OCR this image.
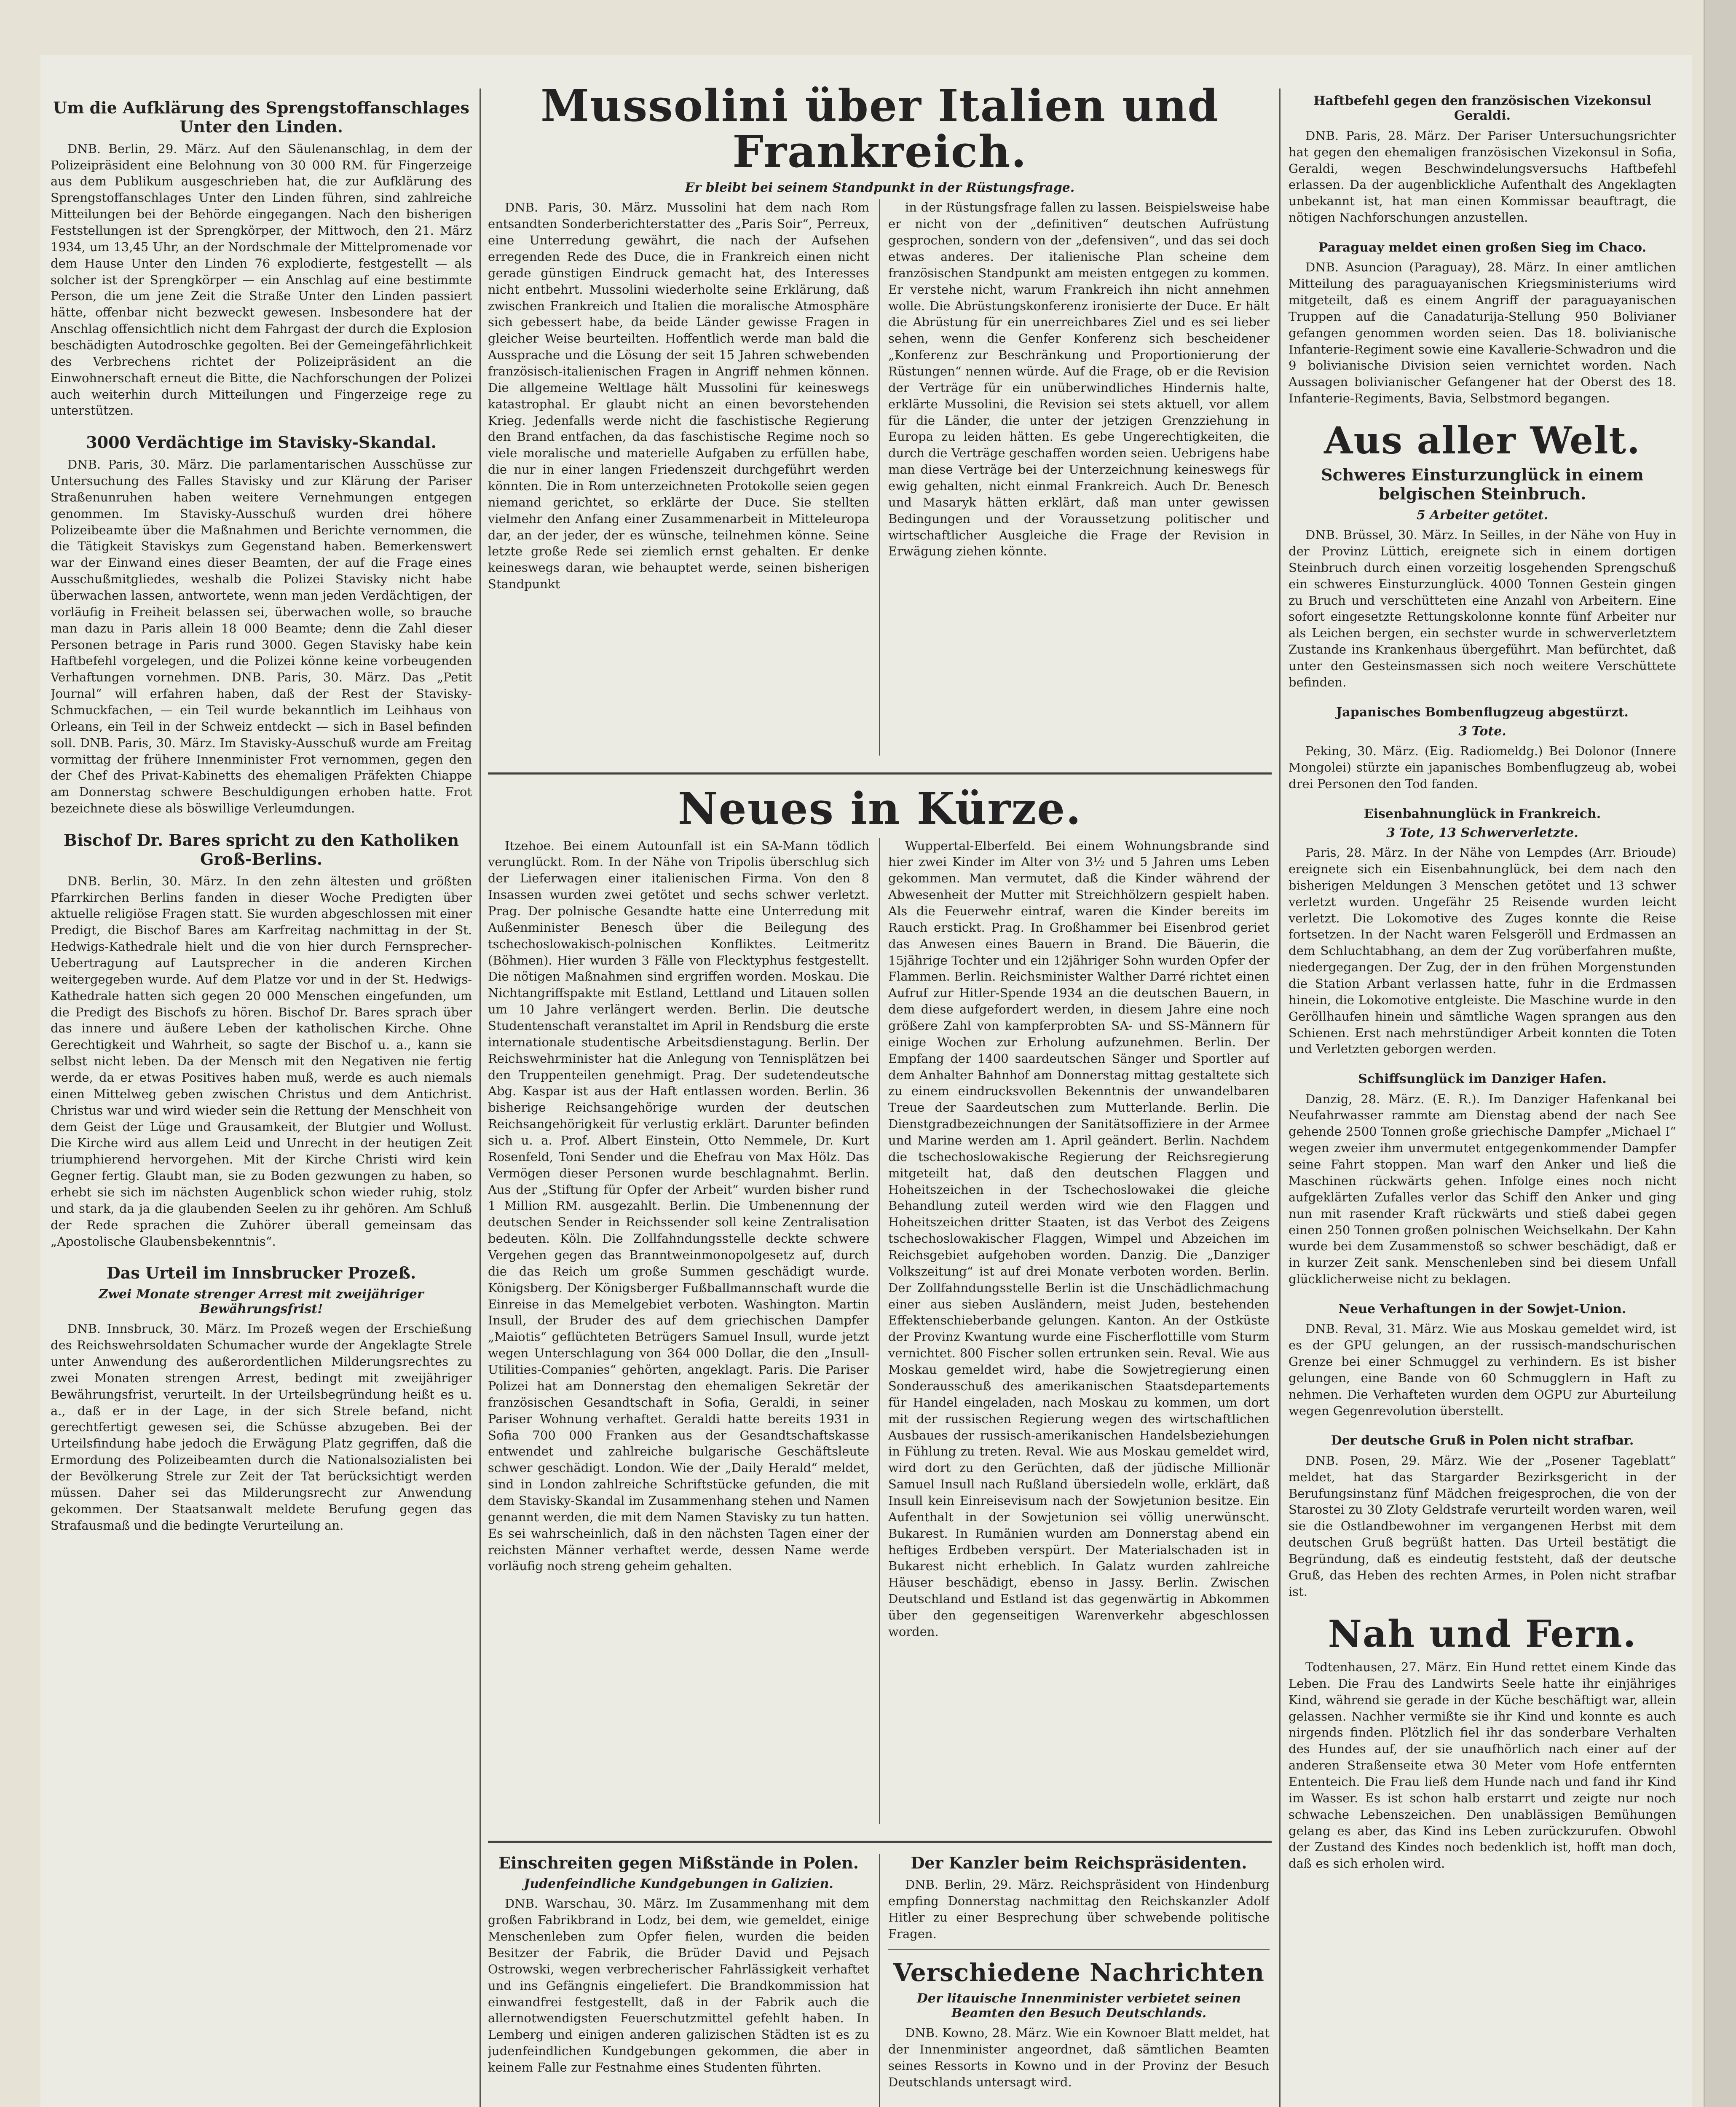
Um die Aufklärung des Sprengstoffanschlages Unter den Linden.

DNB. Berlin, 29. März. Auf den Säulenanschlag, in dem der Polizeipräsident eine Belohnung von 30 000 RM. für Fingerzeige aus dem Publikum ausgeschrieben hat, die zur Aufklärung des Sprengstoffanschlages Unter den Linden führen, sind zahlreiche Mitteilungen bei der Behörde eingegangen. Nach den bisherigen Feststellungen ist der Sprengkörper, der Mittwoch, den 21. März 1934, um 13,45 Uhr, an der Nordschmale der Mittelpromenade vor dem Hause Unter den Linden 76 explodierte, festgestellt — als solcher ist der Sprengkörper — ein Anschlag auf eine bestimmte Person, die um jene Zeit die Straße Unter den Linden passiert hätte, offenbar nicht bezweckt gewesen. Insbesondere hat der Anschlag offensichtlich nicht dem Fahrgast der durch die Explosion beschädigten Autodroschke gegolten. Bei der Gemeingefährlichkeit des Verbrechens richtet der Polizeipräsident an die Einwohnerschaft erneut die Bitte, die Nachforschungen der Polizei auch weiterhin durch Mitteilungen und Fingerzeige rege zu unterstützen.

3000 Verdächtige im Stavisky-Skandal.

DNB. Paris, 30. März. Die parlamentarischen Ausschüsse zur Untersuchung des Falles Stavisky und zur Klärung der Pariser Straßenunruhen haben weitere Vernehmungen entgegen genommen. Im Stavisky-Ausschuß wurden drei höhere Polizeibeamte über die Maßnahmen und Berichte vernommen, die die Tätigkeit Staviskys zum Gegenstand haben. Bemerkenswert war der Einwand eines dieser Beamten, der auf die Frage eines Ausschußmitgliedes, weshalb die Polizei Stavisky nicht habe überwachen lassen, antwortete, wenn man jeden Verdächtigen, der vorläufig in Freiheit belassen sei, überwachen wolle, so brauche man dazu in Paris allein 18 000 Beamte; denn die Zahl dieser Personen betrage in Paris rund 3000. Gegen Stavisky habe kein Haftbefehl vorgelegen, und die Polizei könne keine vorbeugenden Verhaftungen vornehmen. DNB. Paris, 30. März. Das „Petit Journal“ will erfahren haben, daß der Rest der Stavisky-Schmuckfachen, — ein Teil wurde bekanntlich im Leihhaus von Orleans, ein Teil in der Schweiz entdeckt — sich in Basel befinden soll. DNB. Paris, 30. März. Im Stavisky-Ausschuß wurde am Freitag vormittag der frühere Innenminister Frot vernommen, gegen den der Chef des Privat-Kabinetts des ehemaligen Präfekten Chiappe am Donnerstag schwere Beschuldigungen erhoben hatte. Frot bezeichnete diese als böswillige Verleumdungen.

Bischof Dr. Bares spricht zu den Katholiken Groß-Berlins.

DNB. Berlin, 30. März. In den zehn ältesten und größten Pfarrkirchen Berlins fanden in dieser Woche Predigten über aktuelle religiöse Fragen statt. Sie wurden abgeschlossen mit einer Predigt, die Bischof Bares am Karfreitag nachmittag in der St. Hedwigs-Kathedrale hielt und die von hier durch Fernsprecher-Uebertragung auf Lautsprecher in die anderen Kirchen weitergegeben wurde. Auf dem Platze vor und in der St. Hedwigs-Kathedrale hatten sich gegen 20 000 Menschen eingefunden, um die Predigt des Bischofs zu hören. Bischof Dr. Bares sprach über das innere und äußere Leben der katholischen Kirche. Ohne Gerechtigkeit und Wahrheit, so sagte der Bischof u. a., kann sie selbst nicht leben. Da der Mensch mit den Negativen nie fertig werde, da er etwas Positives haben muß, werde es auch niemals einen Mittelweg geben zwischen Christus und dem Antichrist. Christus war und wird wieder sein die Rettung der Menschheit von dem Geist der Lüge und Grausamkeit, der Blutgier und Wollust. Die Kirche wird aus allem Leid und Unrecht in der heutigen Zeit triumphierend hervorgehen. Mit der Kirche Christi wird kein Gegner fertig. Glaubt man, sie zu Boden gezwungen zu haben, so erhebt sie sich im nächsten Augenblick schon wieder ruhig, stolz und stark, da ja die glaubenden Seelen zu ihr gehören. Am Schluß der Rede sprachen die Zuhörer überall gemeinsam das „Apostolische Glaubensbekenntnis“.

Das Urteil im Innsbrucker Prozeß.
Zwei Monate strenger Arrest mit zweijähriger Bewährungsfrist!

DNB. Innsbruck, 30. März. Im Prozeß wegen der Erschießung des Reichswehrsoldaten Schumacher wurde der Angeklagte Strele unter Anwendung des außerordentlichen Milderungsrechtes zu zwei Monaten strengen Arrest, bedingt mit zweijähriger Bewährungsfrist, verurteilt. In der Urteilsbegründung heißt es u. a., daß er in der Lage, in der sich Strele befand, nicht gerechtfertigt gewesen sei, die Schüsse abzugeben. Bei der Urteilsfindung habe jedoch die Erwägung Platz gegriffen, daß die Ermordung des Polizeibeamten durch die Nationalsozialisten bei der Bevölkerung Strele zur Zeit der Tat berücksichtigt werden müssen. Daher sei das Milderungsrecht zur Anwendung gekommen. Der Staatsanwalt meldete Berufung gegen das Strafausmaß und die bedingte Verurteilung an.

Mussolini über Italien und Frankreich.
Er bleibt bei seinem Standpunkt in der Rüstungsfrage.

DNB. Paris, 30. März. Mussolini hat dem nach Rom entsandten Sonderberichterstatter des „Paris Soir“, Perreux, eine Unterredung gewährt, die nach der Aufsehen erregenden Rede des Duce, die in Frankreich einen nicht gerade günstigen Eindruck gemacht hat, des Interesses nicht entbehrt. Mussolini wiederholte seine Erklärung, daß zwischen Frankreich und Italien die moralische Atmosphäre sich gebessert habe, da beide Länder gewisse Fragen in gleicher Weise beurteilten. Hoffentlich werde man bald die Aussprache und die Lösung der seit 15 Jahren schwebenden französisch-italienischen Fragen in Angriff nehmen können. Die allgemeine Weltlage hält Mussolini für keineswegs katastrophal. Er glaubt nicht an einen bevorstehenden Krieg. Jedenfalls werde nicht die faschistische Regierung den Brand entfachen, da das faschistische Regime noch so viele moralische und materielle Aufgaben zu erfüllen habe, die nur in einer langen Friedenszeit durchgeführt werden könnten. Die in Rom unterzeichneten Protokolle seien gegen niemand gerichtet, so erklärte der Duce. Sie stellten vielmehr den Anfang einer Zusammenarbeit in Mitteleuropa dar, an der jeder, der es wünsche, teilnehmen könne. Seine letzte große Rede sei ziemlich ernst gehalten. Er denke keineswegs daran, wie behauptet werde, seinen bisherigen Standpunkt

in der Rüstungsfrage fallen zu lassen. Beispielsweise habe er nicht von der „definitiven“ deutschen Aufrüstung gesprochen, sondern von der „defensiven“, und das sei doch etwas anderes. Der italienische Plan scheine dem französischen Standpunkt am meisten entgegen zu kommen. Er verstehe nicht, warum Frankreich ihn nicht annehmen wolle. Die Abrüstungskonferenz ironisierte der Duce. Er hält die Abrüstung für ein unerreichbares Ziel und es sei lieber sehen, wenn die Genfer Konferenz sich bescheidener „Konferenz zur Beschränkung und Proportionierung der Rüstungen“ nennen würde. Auf die Frage, ob er die Revision der Verträge für ein unüberwindliches Hindernis halte, erklärte Mussolini, die Revision sei stets aktuell, vor allem für die Länder, die unter der jetzigen Grenzziehung in Europa zu leiden hätten. Es gebe Ungerechtigkeiten, die durch die Verträge geschaffen worden seien. Uebrigens habe man diese Verträge bei der Unterzeichnung keineswegs für ewig gehalten, nicht einmal Frankreich. Auch Dr. Benesch und Masaryk hätten erklärt, daß man unter gewissen Bedingungen und der Voraussetzung politischer und wirtschaftlicher Ausgleiche die Frage der Revision in Erwägung ziehen könnte.

Neues in Kürze.

Itzehoe. Bei einem Autounfall ist ein SA-Mann tödlich verunglückt. Rom. In der Nähe von Tripolis überschlug sich der Lieferwagen einer italienischen Firma. Von den 8 Insassen wurden zwei getötet und sechs schwer verletzt. Prag. Der polnische Gesandte hatte eine Unterredung mit Außenminister Benesch über die Beilegung des tschechoslowakisch-polnischen Konfliktes. Leitmeritz (Böhmen). Hier wurden 3 Fälle von Flecktyphus festgestellt. Die nötigen Maßnahmen sind ergriffen worden. Moskau. Die Nichtangriffspakte mit Estland, Lettland und Litauen sollen um 10 Jahre verlängert werden. Berlin. Die deutsche Studentenschaft veranstaltet im April in Rendsburg die erste internationale studentische Arbeitsdienstagung. Berlin. Der Reichswehrminister hat die Anlegung von Tennisplätzen bei den Truppenteilen genehmigt. Prag. Der sudetendeutsche Abg. Kaspar ist aus der Haft entlassen worden. Berlin. 36 bisherige Reichsangehörige wurden der deutschen Reichsangehörigkeit für verlustig erklärt. Darunter befinden sich u. a. Prof. Albert Einstein, Otto Nemmele, Dr. Kurt Rosenfeld, Toni Sender und die Ehefrau von Max Hölz. Das Vermögen dieser Personen wurde beschlagnahmt. Berlin. Aus der „Stiftung für Opfer der Arbeit“ wurden bisher rund 1 Million RM. ausgezahlt. Berlin. Die Umbenennung der deutschen Sender in Reichssender soll keine Zentralisation bedeuten. Köln. Die Zollfahndungsstelle deckte schwere Vergehen gegen das Branntweinmonopolgesetz auf, durch die das Reich um große Summen geschädigt wurde. Königsberg. Der Königsberger Fußballmannschaft wurde die Einreise in das Memelgebiet verboten. Washington. Martin Insull, der Bruder des auf dem griechischen Dampfer „Maiotis“ geflüchteten Betrügers Samuel Insull, wurde jetzt wegen Unterschlagung von 364 000 Dollar, die den „Insull-Utilities-Companies“ gehörten, angeklagt. Paris. Die Pariser Polizei hat am Donnerstag den ehemaligen Sekretär der französischen Gesandtschaft in Sofia, Geraldi, in seiner Pariser Wohnung verhaftet. Geraldi hatte bereits 1931 in Sofia 700 000 Franken aus der Gesandtschaftskasse entwendet und zahlreiche bulgarische Geschäftsleute schwer geschädigt. London. Wie der „Daily Herald“ meldet, sind in London zahlreiche Schriftstücke gefunden, die mit dem Stavisky-Skandal im Zusammenhang stehen und Namen genannt werden, die mit dem Namen Stavisky zu tun hatten. Es sei wahrscheinlich, daß in den nächsten Tagen einer der reichsten Männer verhaftet werde, dessen Name werde vorläufig noch streng geheim gehalten.

Wuppertal-Elberfeld. Bei einem Wohnungsbrande sind hier zwei Kinder im Alter von 3½ und 5 Jahren ums Leben gekommen. Man vermutet, daß die Kinder während der Abwesenheit der Mutter mit Streichhölzern gespielt haben. Als die Feuerwehr eintraf, waren die Kinder bereits im Rauch erstickt. Prag. In Großhammer bei Eisenbrod geriet das Anwesen eines Bauern in Brand. Die Bäuerin, die 15jährige Tochter und ein 12jähriger Sohn wurden Opfer der Flammen. Berlin. Reichsminister Walther Darré richtet einen Aufruf zur Hitler-Spende 1934 an die deutschen Bauern, in dem diese aufgefordert werden, in diesem Jahre eine noch größere Zahl von kampferprobten SA- und SS-Männern für einige Wochen zur Erholung aufzunehmen. Berlin. Der Empfang der 1400 saardeutschen Sänger und Sportler auf dem Anhalter Bahnhof am Donnerstag mittag gestaltete sich zu einem eindrucksvollen Bekenntnis der unwandelbaren Treue der Saardeutschen zum Mutterlande. Berlin. Die Dienstgradbezeichnungen der Sanitätsoffiziere in der Armee und Marine werden am 1. April geändert. Berlin. Nachdem die tschechoslowakische Regierung der Reichsregierung mitgeteilt hat, daß den deutschen Flaggen und Hoheitszeichen in der Tschechoslowakei die gleiche Behandlung zuteil werden wird wie den Flaggen und Hoheitszeichen dritter Staaten, ist das Verbot des Zeigens tschechoslowakischer Flaggen, Wimpel und Abzeichen im Reichsgebiet aufgehoben worden. Danzig. Die „Danziger Volkszeitung“ ist auf drei Monate verboten worden. Berlin. Der Zollfahndungsstelle Berlin ist die Unschädlichmachung einer aus sieben Ausländern, meist Juden, bestehenden Effektenschieberbande gelungen. Kanton. An der Ostküste der Provinz Kwantung wurde eine Fischerflottille vom Sturm vernichtet. 800 Fischer sollen ertrunken sein. Reval. Wie aus Moskau gemeldet wird, habe die Sowjetregierung einen Sonderausschuß des amerikanischen Staatsdepartements für Handel eingeladen, nach Moskau zu kommen, um dort mit der russischen Regierung wegen des wirtschaftlichen Ausbaues der russisch-amerikanischen Handelsbeziehungen in Fühlung zu treten. Reval. Wie aus Moskau gemeldet wird, wird dort zu den Gerüchten, daß der jüdische Millionär Samuel Insull nach Rußland übersiedeln wolle, erklärt, daß Insull kein Einreisevisum nach der Sowjetunion besitze. Ein Aufenthalt in der Sowjetunion sei völlig unerwünscht. Bukarest. In Rumänien wurden am Donnerstag abend ein heftiges Erdbeben verspürt. Der Materialschaden ist in Bukarest nicht erheblich. In Galatz wurden zahlreiche Häuser beschädigt, ebenso in Jassy. Berlin. Zwischen Deutschland und Estland ist das gegenwärtig in Abkommen über den gegenseitigen Warenverkehr abgeschlossen worden.

Einschreiten gegen Mißstände in Polen.
Judenfeindliche Kundgebungen in Galizien.

DNB. Warschau, 30. März. Im Zusammenhang mit dem großen Fabrikbrand in Lodz, bei dem, wie gemeldet, einige Menschenleben zum Opfer fielen, wurden die beiden Besitzer der Fabrik, die Brüder David und Pejsach Ostrowski, wegen verbrecherischer Fahrlässigkeit verhaftet und ins Gefängnis eingeliefert. Die Brandkommission hat einwandfrei festgestellt, daß in der Fabrik auch die allernotwendigsten Feuerschutzmittel gefehlt haben. In Lemberg und einigen anderen galizischen Städten ist es zu judenfeindlichen Kundgebungen gekommen, die aber in keinem Falle zur Festnahme eines Studenten führten.

Der Kanzler beim Reichspräsidenten.

DNB. Berlin, 29. März. Reichspräsident von Hindenburg empfing Donnerstag nachmittag den Reichskanzler Adolf Hitler zu einer Besprechung über schwebende politische Fragen.

Verschiedene Nachrichten
Der litauische Innenminister verbietet seinen Beamten den Besuch Deutschlands.

DNB. Kowno, 28. März. Wie ein Kownoer Blatt meldet, hat der Innenminister angeordnet, daß sämtlichen Beamten seines Ressorts in Kowno und in der Provinz der Besuch Deutschlands untersagt wird.

Haftbefehl gegen den französischen Vizekonsul Geraldi.

DNB. Paris, 28. März. Der Pariser Untersuchungsrichter hat gegen den ehemaligen französischen Vizekonsul in Sofia, Geraldi, wegen Beschwindelungsversuchs Haftbefehl erlassen. Da der augenblickliche Aufenthalt des Angeklagten unbekannt ist, hat man einen Kommissar beauftragt, die nötigen Nachforschungen anzustellen.

Paraguay meldet einen großen Sieg im Chaco.

DNB. Asuncion (Paraguay), 28. März. In einer amtlichen Mitteilung des paraguayanischen Kriegsministeriums wird mitgeteilt, daß es einem Angriff der paraguayanischen Truppen auf die Canadaturija-Stellung 950 Bolivianer gefangen genommen worden seien. Das 18. bolivianische Infanterie-Regiment sowie eine Kavallerie-Schwadron und die 9 bolivianische Division seien vernichtet worden. Nach Aussagen bolivianischer Gefangener hat der Oberst des 18. Infanterie-Regiments, Bavia, Selbstmord begangen.

Aus aller Welt.
Schweres Einsturzunglück in einem belgischen Steinbruch.
5 Arbeiter getötet.

DNB. Brüssel, 30. März. In Seilles, in der Nähe von Huy in der Provinz Lüttich, ereignete sich in einem dortigen Steinbruch durch einen vorzeitig losgehenden Sprengschuß ein schweres Einsturzunglück. 4000 Tonnen Gestein gingen zu Bruch und verschütteten eine Anzahl von Arbeitern. Eine sofort eingesetzte Rettungskolonne konnte fünf Arbeiter nur als Leichen bergen, ein sechster wurde in schwerverletztem Zustande ins Krankenhaus übergeführt. Man befürchtet, daß unter den Gesteinsmassen sich noch weitere Verschüttete befinden.

Japanisches Bombenflugzeug abgestürzt.
3 Tote.

Peking, 30. März. (Eig. Radiomeldg.) Bei Dolonor (Innere Mongolei) stürzte ein japanisches Bombenflugzeug ab, wobei drei Personen den Tod fanden.

Eisenbahnunglück in Frankreich.
3 Tote, 13 Schwerverletzte.

Paris, 28. März. In der Nähe von Lempdes (Arr. Brioude) ereignete sich ein Eisenbahnunglück, bei dem nach den bisherigen Meldungen 3 Menschen getötet und 13 schwer verletzt wurden. Ungefähr 25 Reisende wurden leicht verletzt. Die Lokomotive des Zuges konnte die Reise fortsetzen. In der Nacht waren Felsgeröll und Erdmassen an dem Schluchtabhang, an dem der Zug vorüberfahren mußte, niedergegangen. Der Zug, der in den frühen Morgenstunden die Station Arbant verlassen hatte, fuhr in die Erdmassen hinein, die Lokomotive entgleiste. Die Maschine wurde in den Geröllhaufen hinein und sämtliche Wagen sprangen aus den Schienen. Erst nach mehrstündiger Arbeit konnten die Toten und Verletzten geborgen werden.

Schiffsunglück im Danziger Hafen.

Danzig, 28. März. (E. R.). Im Danziger Hafenkanal bei Neufahrwasser rammte am Dienstag abend der nach See gehende 2500 Tonnen große griechische Dampfer „Michael I“ wegen zweier ihm unvermutet entgegenkommender Dampfer seine Fahrt stoppen. Man warf den Anker und ließ die Maschinen rückwärts gehen. Infolge eines noch nicht aufgeklärten Zufalles verlor das Schiff den Anker und ging nun mit rasender Kraft rückwärts und stieß dabei gegen einen 250 Tonnen großen polnischen Weichselkahn. Der Kahn wurde bei dem Zusammenstoß so schwer beschädigt, daß er in kurzer Zeit sank. Menschenleben sind bei diesem Unfall glücklicherweise nicht zu beklagen.

Neue Verhaftungen in der Sowjet-Union.

DNB. Reval, 31. März. Wie aus Moskau gemeldet wird, ist es der GPU gelungen, an der russisch-mandschurischen Grenze bei einer Schmuggel zu verhindern. Es ist bisher gelungen, eine Bande von 60 Schmugglern in Haft zu nehmen. Die Verhafteten wurden dem OGPU zur Aburteilung wegen Gegenrevolution überstellt.

Der deutsche Gruß in Polen nicht strafbar.

DNB. Posen, 29. März. Wie der „Posener Tageblatt“ meldet, hat das Stargarder Bezirksgericht in der Berufungsinstanz fünf Mädchen freigesprochen, die von der Starostei zu 30 Zloty Geldstrafe verurteilt worden waren, weil sie die Ostlandbewohner im vergangenen Herbst mit dem deutschen Gruß begrüßt hatten. Das Urteil bestätigt die Begründung, daß es eindeutig feststeht, daß der deutsche Gruß, das Heben des rechten Armes, in Polen nicht strafbar ist.

Nah und Fern.

Todtenhausen, 27. März. Ein Hund rettet einem Kinde das Leben. Die Frau des Landwirts Seele hatte ihr einjähriges Kind, während sie gerade in der Küche beschäftigt war, allein gelassen. Nachher vermißte sie ihr Kind und konnte es auch nirgends finden. Plötzlich fiel ihr das sonderbare Verhalten des Hundes auf, der sie unaufhörlich nach einer auf der anderen Straßenseite etwa 30 Meter vom Hofe entfernten Ententeich. Die Frau ließ dem Hunde nach und fand ihr Kind im Wasser. Es ist schon halb erstarrt und zeigte nur noch schwache Lebenszeichen. Den unablässigen Bemühungen gelang es aber, das Kind ins Leben zurückzurufen. Obwohl der Zustand des Kindes noch bedenklich ist, hofft man doch, daß es sich erholen wird.
